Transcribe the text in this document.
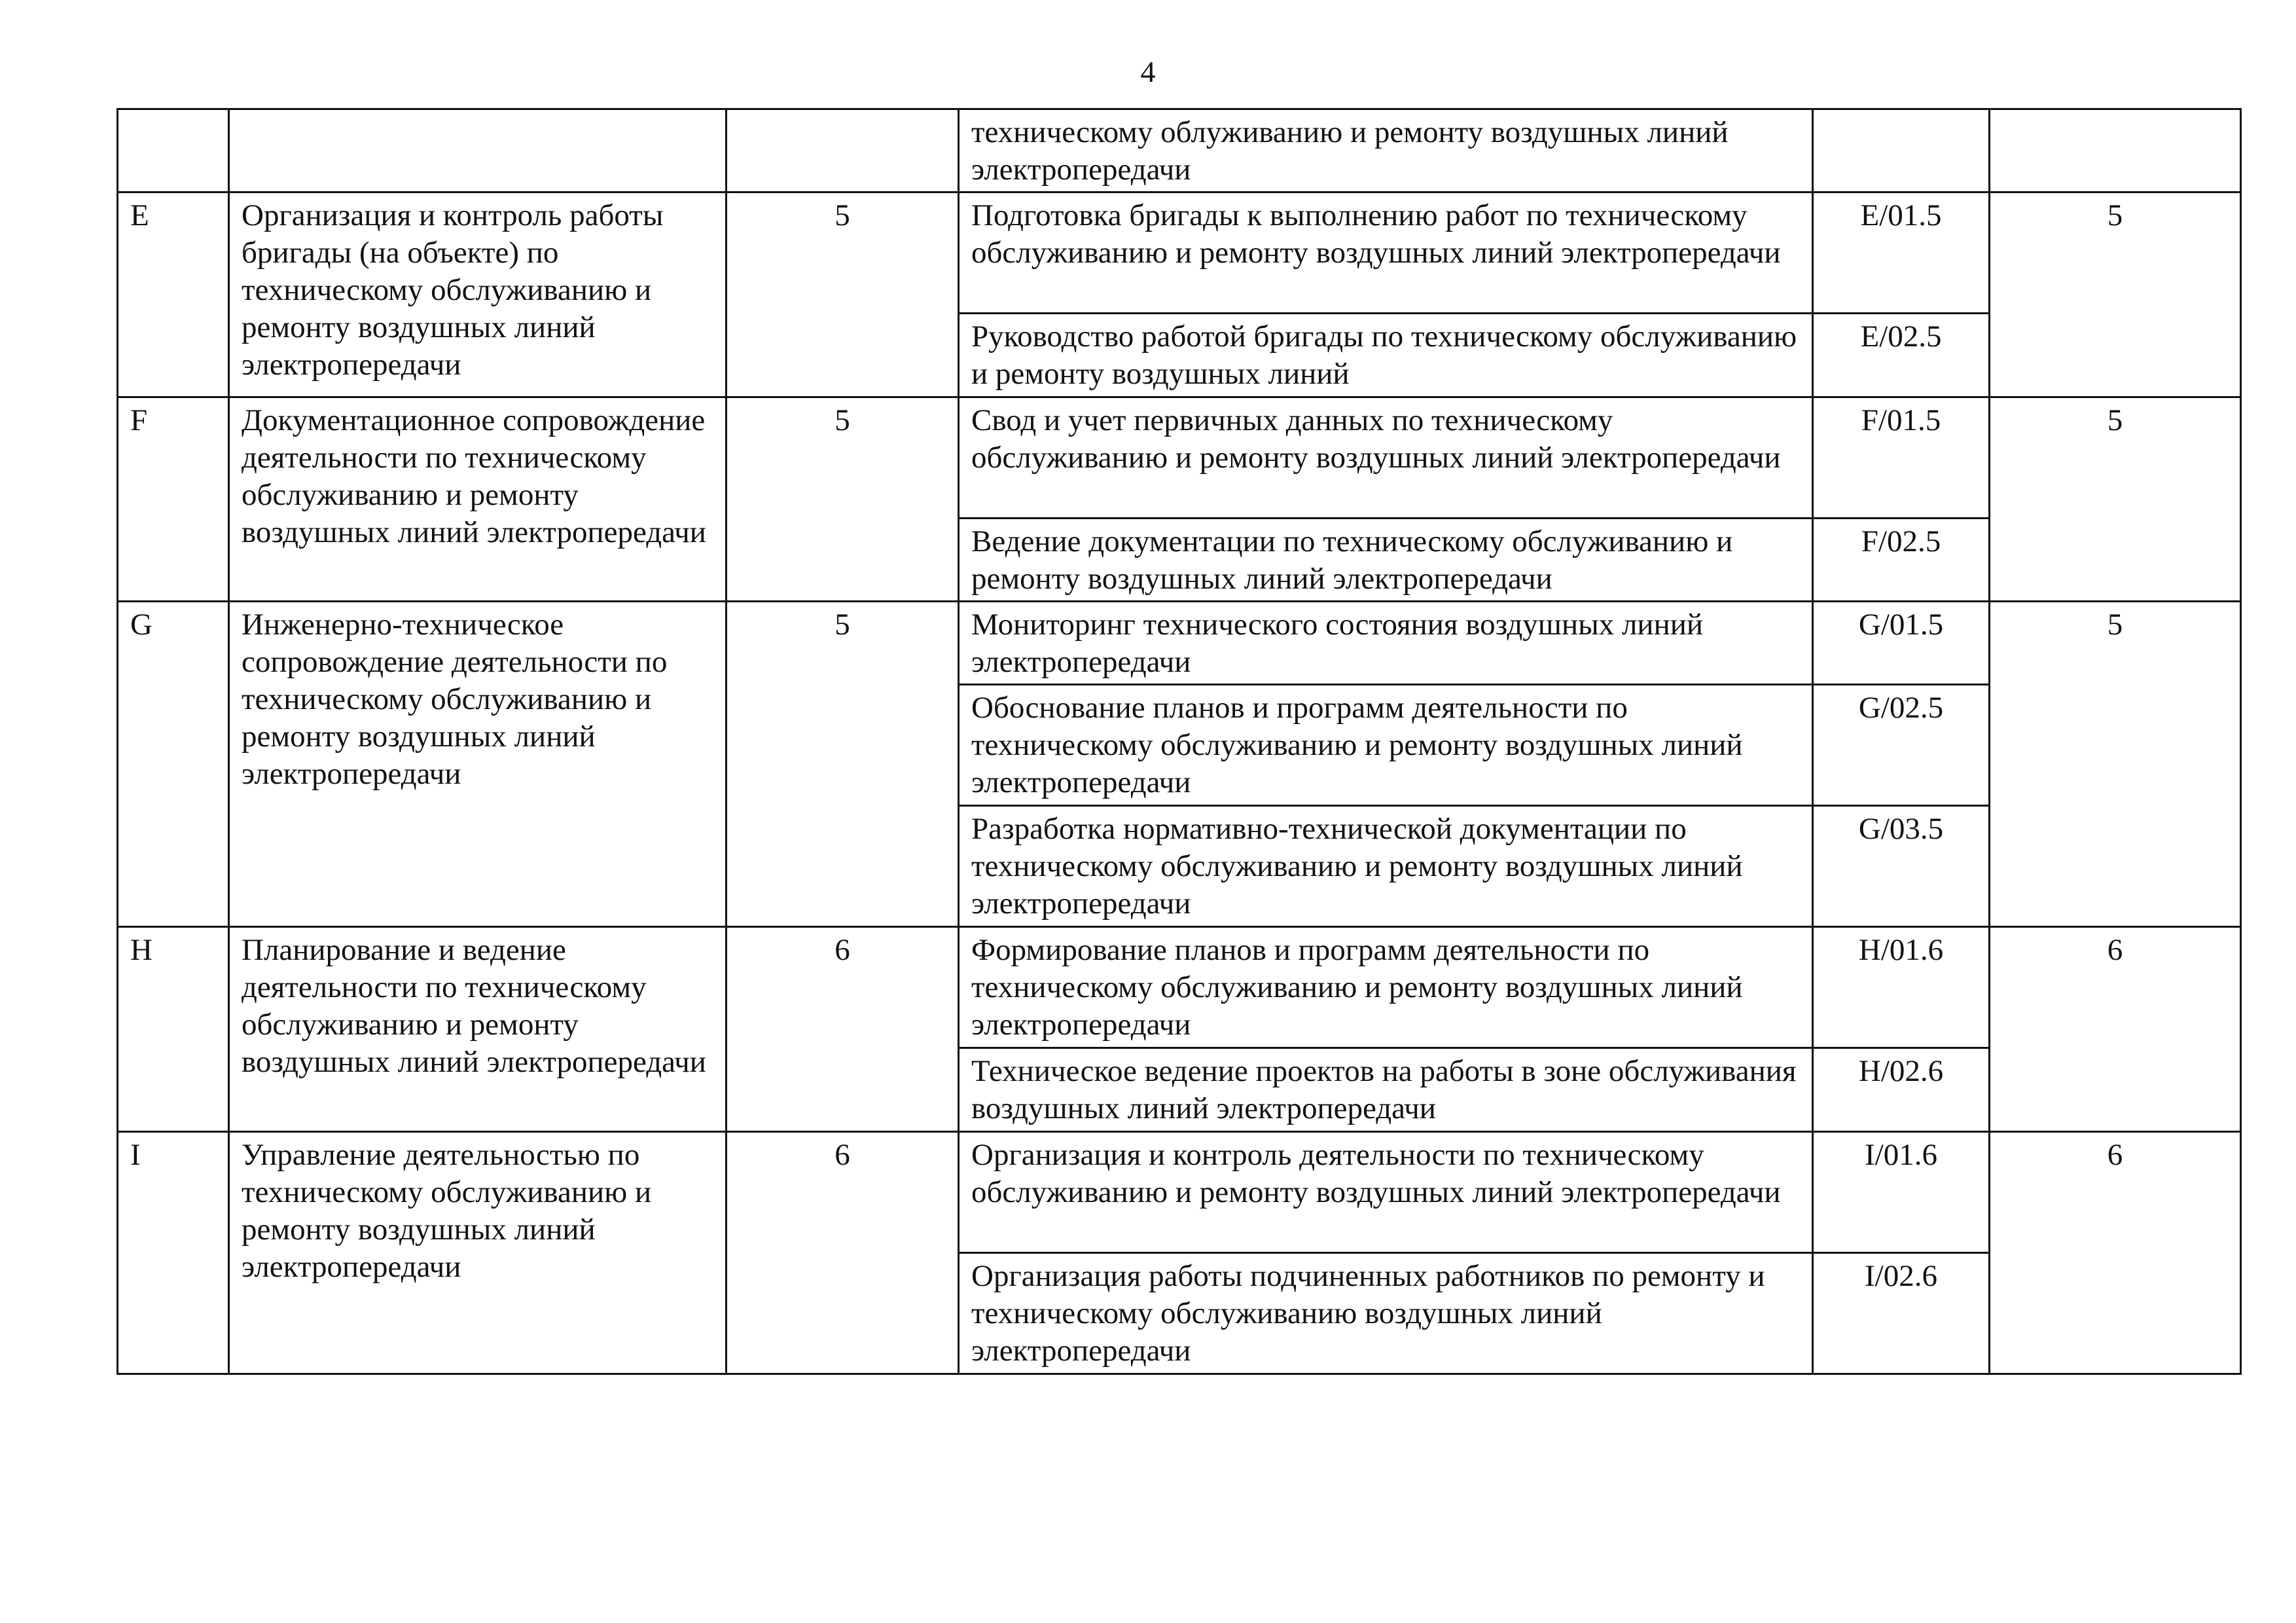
4
			техническому облуживанию и ремонту воздушных линий электропередачи		
E	Организация и контроль работы бригады (на объекте) по техническому обслуживанию и ремонту воздушных линий электропередачи	5	Подготовка бригады к выполнению работ по техническому обслуживанию и ремонту воздушных линий электропередачи	E/01.5	5
			Руководство работой бригады по техническому обслуживанию и ремонту воздушных линий	E/02.5	
F	Документационное сопровождение деятельности по техническому обслуживанию и ремонту воздушных линий электропередачи	5	Свод и учет первичных данных по техническому обслуживанию и ремонту воздушных линий электропередачи	F/01.5	5
			Ведение документации по техническому обслуживанию и ремонту воздушных линий электропередачи	F/02.5	
G	Инженерно-техническое сопровождение деятельности по техническому обслуживанию и ремонту воздушных линий электропередачи	5	Мониторинг технического состояния воздушных линий электропередачи	G/01.5	5
			Обоснование планов и программ деятельности по техническому обслуживанию и ремонту воздушных линий электропередачи	G/02.5	
			Разработка нормативно-технической документации по техническому обслуживанию и ремонту воздушных линий электропередачи	G/03.5	
H	Планирование и ведение деятельности по техническому обслуживанию и ремонту воздушных линий электропередачи	6	Формирование планов и программ деятельности по техническому обслуживанию и ремонту воздушных линий электропередачи	H/01.6	6
			Техническое ведение проектов на работы в зоне обслуживания воздушных линий электропередачи	H/02.6	
I	Управление деятельностью по техническому обслуживанию и ремонту воздушных линий электропередачи	6	Организация и контроль деятельности по техническому обслуживанию и ремонту воздушных линий электропередачи	I/01.6	6
			Организация работы подчиненных работников по ремонту и техническому обслуживанию воздушных линий электропередачи	I/02.6	
